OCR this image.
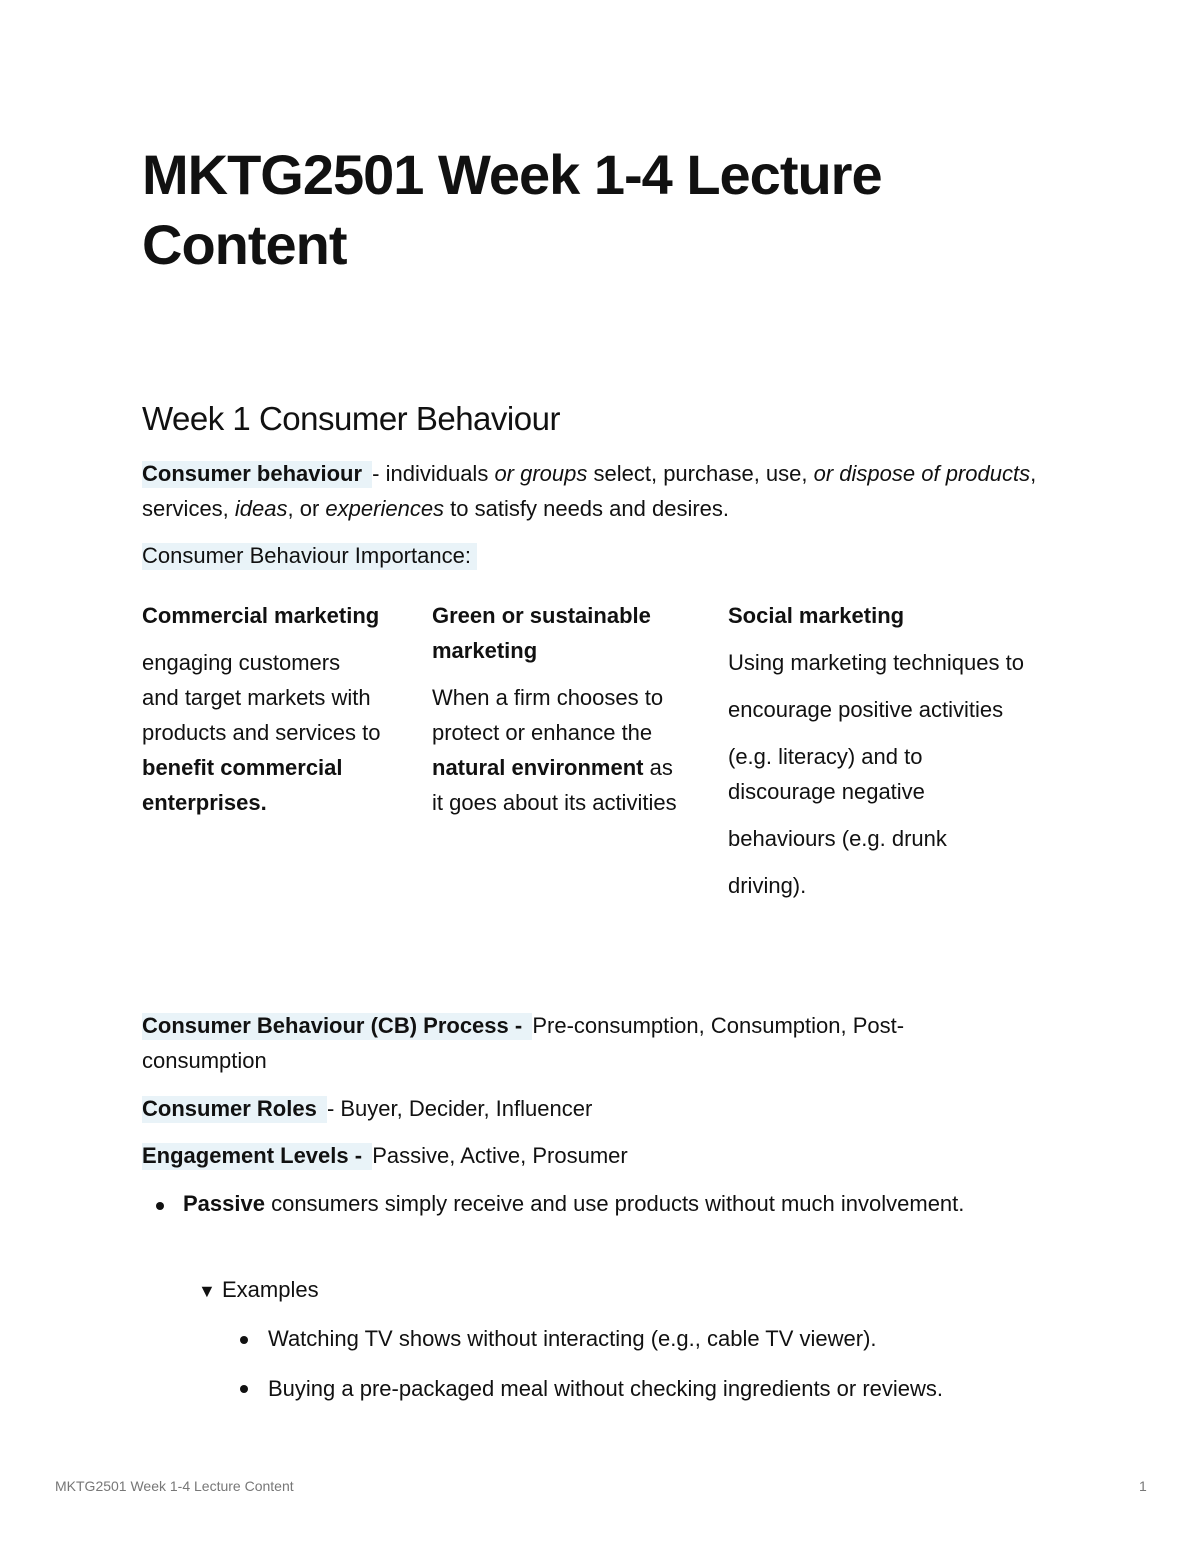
MKTG2501 Week 1-4 Lecture Content
Week 1 Consumer Behaviour

Consumer behaviour - individuals or groups select, purchase, use, or dispose of products, services, ideas, or experiences to satisfy needs and desires.

Consumer Behaviour Importance:

Commercial marketing

engaging customers and target markets with products and services to benefit commercial enterprises.

Green or sustainable marketing

When a firm chooses to protect or enhance the natural environment as it goes about its activities

Social marketing

Using marketing techniques to

encourage positive activities

(e.g. literacy) and to discourage negative

behaviours (e.g. drunk

driving).

Consumer Behaviour (CB) Process - Pre-consumption, Consumption, Post-consumption

Consumer Roles - Buyer, Decider, Influencer

Engagement Levels - Passive, Active, Prosumer

Passive consumers simply receive and use products without much involvement.

▼ Examples

Watching TV shows without interacting (e.g., cable TV viewer).

Buying a pre-packaged meal without checking ingredients or reviews.

MKTG2501 Week 1-4 Lecture Content	1
